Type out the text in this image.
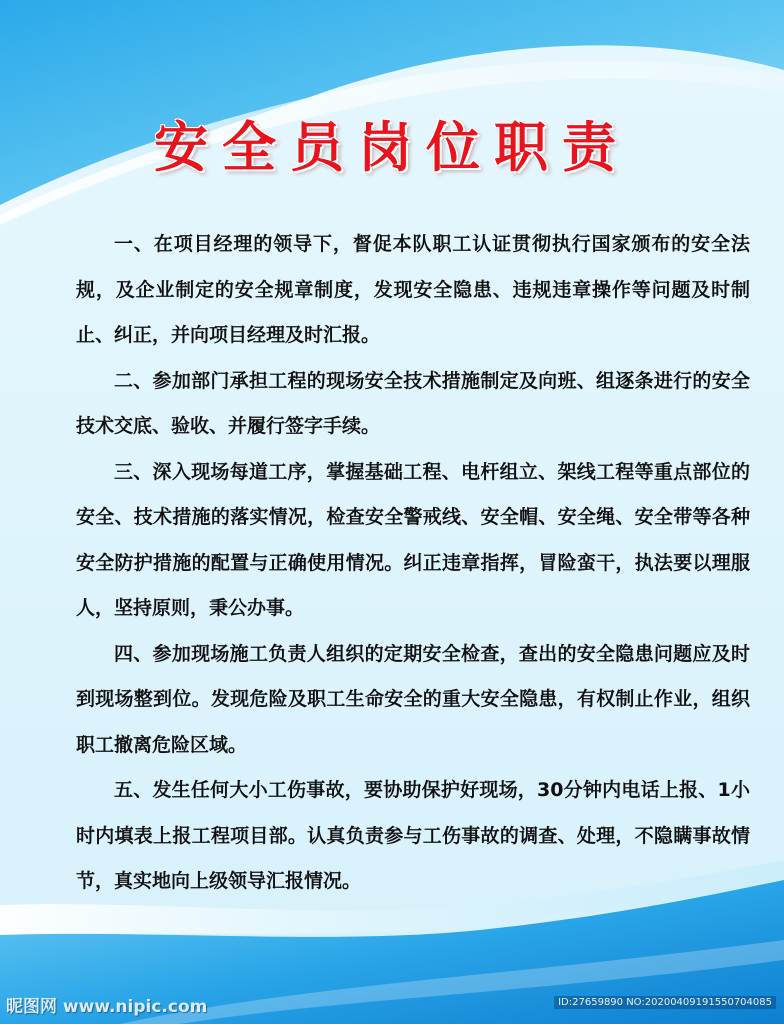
安全员岗位职责

一、在项目经理的领导下，督促本队职工认证贯彻执行国家颁布的安全法规，及企业制定的安全规章制度，发现安全隐患、违规违章操作等问题及时制止、纠正，并向项目经理及时汇报。

二、参加部门承担工程的现场安全技术措施制定及向班、组逐条进行的安全技术交底、验收、并履行签字手续。

三、深入现场每道工序，掌握基础工程、电杆组立、架线工程等重点部位的安全、技术措施的落实情况，检查安全警戒线、安全帽、安全绳、安全带等各种安全防护措施的配置与正确使用情况。纠正违章指挥，冒险蛮干，执法要以理服人，坚持原则，秉公办事。

四、参加现场施工负责人组织的定期安全检查，查出的安全隐患问题应及时到现场整到位。发现危险及职工生命安全的重大安全隐患，有权制止作业，组织职工撤离危险区域。

五、发生任何大小工伤事故，要协助保护好现场，30分钟内电话上报、1小时内填表上报工程项目部。认真负责参与工伤事故的调查、处理，不隐瞒事故情节，真实地向上级领导汇报情况。

昵图网 www.nipic.com	ID:27659890 NO:20200409191550704085
